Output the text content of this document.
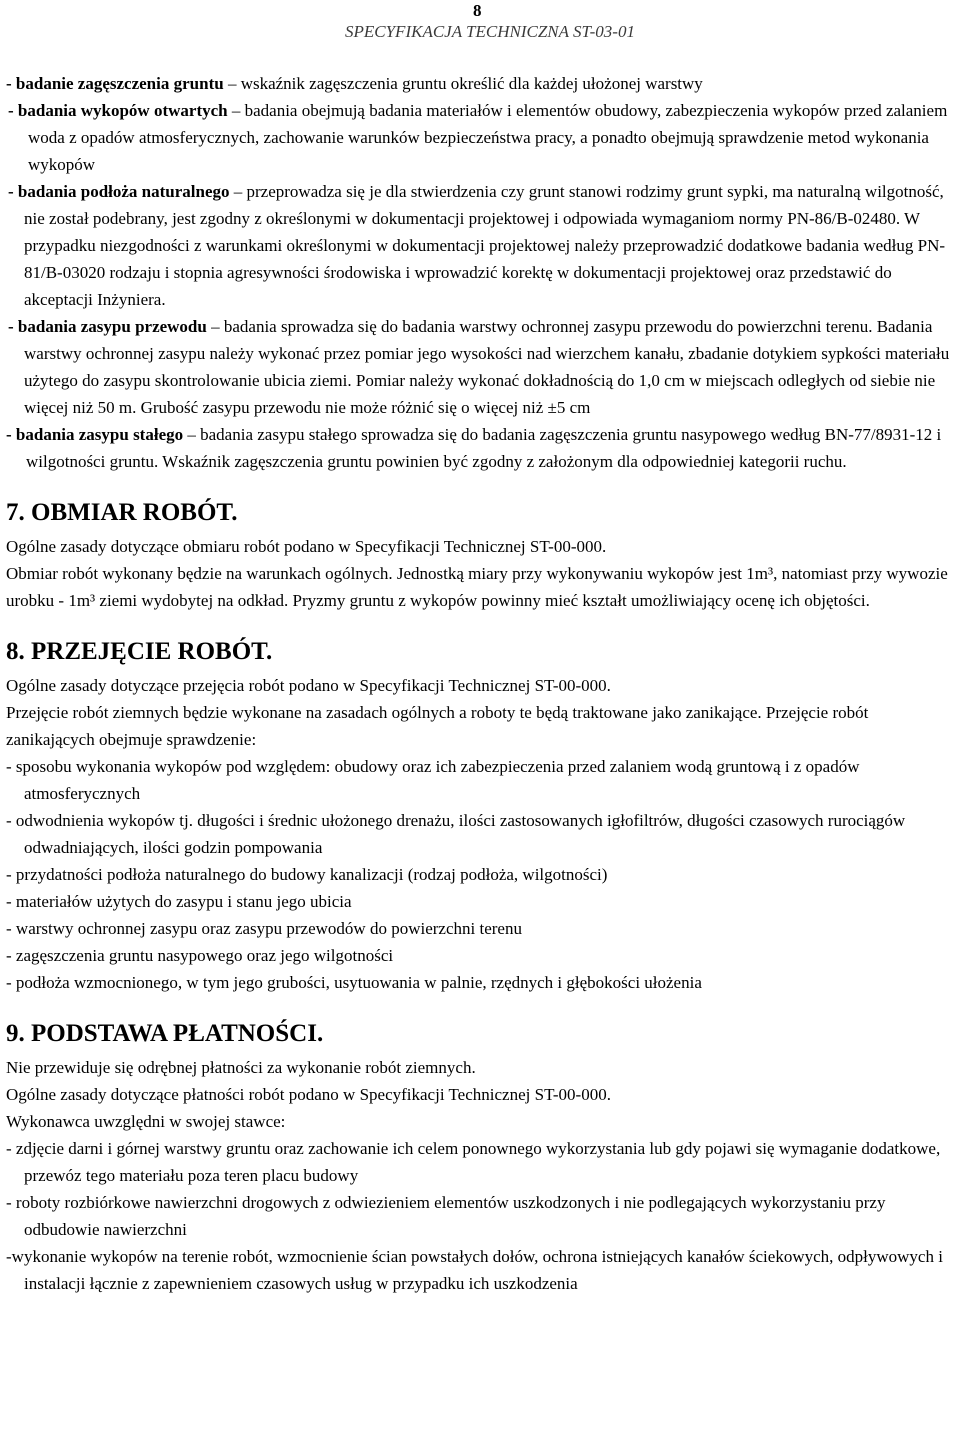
8
SPECYFIKACJA TECHNICZNA ST-03-01

- badanie zagęszczenia gruntu – wskaźnik zagęszczenia gruntu określić dla każdej ułożonej warstwy

- badania wykopów otwartych – badania obejmują badania materiałów i elementów obudowy, zabezpieczenia wykopów przed zalaniem woda z opadów atmosferycznych, zachowanie warunków bezpieczeństwa pracy, a ponadto obejmują sprawdzenie metod wykonania wykopów

- badania podłoża naturalnego – przeprowadza się je dla stwierdzenia czy grunt stanowi rodzimy grunt sypki, ma naturalną wilgotność, nie został podebrany, jest zgodny z określonymi w dokumentacji projektowej i odpowiada wymaganiom normy PN-86/B-02480. W przypadku niezgodności z warunkami określonymi w dokumentacji projektowej należy przeprowadzić dodatkowe badania według PN-81/B-03020 rodzaju i stopnia agresywności środowiska i wprowadzić korektę w dokumentacji projektowej oraz przedstawić do akceptacji Inżyniera.

- badania zasypu przewodu – badania sprowadza się do badania warstwy ochronnej zasypu przewodu do powierzchni terenu. Badania warstwy ochronnej zasypu należy wykonać przez pomiar jego wysokości nad wierzchem kanału, zbadanie dotykiem sypkości materiału użytego do zasypu skontrolowanie ubicia ziemi. Pomiar należy wykonać dokładnością do 1,0 cm w miejscach odległych od siebie nie więcej niż 50 m. Grubość zasypu przewodu nie może różnić się o więcej niż ±5 cm

- badania zasypu stałego – badania zasypu stałego sprowadza się do badania zagęszczenia gruntu nasypowego według BN-77/8931-12 i wilgotności gruntu. Wskaźnik zagęszczenia gruntu powinien być zgodny z założonym dla odpowiedniej kategorii ruchu.

7. OBMIAR ROBÓT.

Ogólne zasady dotyczące obmiaru robót podano w Specyfikacji Technicznej ST-00-000.

Obmiar robót wykonany będzie na warunkach ogólnych. Jednostką miary przy wykonywaniu wykopów jest 1m³, natomiast przy wywozie urobku - 1m³ ziemi wydobytej na odkład. Pryzmy gruntu z wykopów powinny mieć kształt umożliwiający ocenę ich objętości.

8. PRZEJĘCIE ROBÓT.

Ogólne zasady dotyczące przejęcia robót podano w Specyfikacji Technicznej ST-00-000.

Przejęcie robót ziemnych będzie wykonane na zasadach ogólnych a roboty te będą traktowane jako zanikające. Przejęcie robót zanikających obejmuje sprawdzenie:

- sposobu wykonania wykopów pod względem: obudowy oraz ich zabezpieczenia przed zalaniem wodą gruntową i z opadów atmosferycznych

- odwodnienia wykopów tj. długości i średnic ułożonego drenażu, ilości zastosowanych igłofiltrów, długości czasowych rurociągów odwadniających, ilości godzin pompowania

- przydatności podłoża naturalnego do budowy kanalizacji (rodzaj podłoża, wilgotności)

- materiałów użytych do zasypu i stanu jego ubicia

- warstwy ochronnej zasypu oraz zasypu przewodów do powierzchni terenu

- zagęszczenia gruntu nasypowego oraz jego wilgotności

- podłoża wzmocnionego, w tym jego grubości, usytuowania w palnie, rzędnych i głębokości ułożenia

9. PODSTAWA PŁATNOŚCI.

Nie przewiduje się odrębnej płatności za wykonanie robót ziemnych.

Ogólne zasady dotyczące płatności robót podano w Specyfikacji Technicznej ST-00-000.

Wykonawca uwzględni w swojej stawce:

- zdjęcie darni i górnej warstwy gruntu oraz zachowanie ich celem ponownego wykorzystania lub gdy pojawi się wymaganie dodatkowe, przewóz tego materiału poza teren placu budowy

- roboty rozbiórkowe nawierzchni drogowych z odwiezieniem elementów uszkodzonych i nie podlegających wykorzystaniu przy odbudowie nawierzchni

-wykonanie wykopów na terenie robót, wzmocnienie ścian powstałych dołów, ochrona istniejących kanałów ściekowych, odpływowych i instalacji łącznie z zapewnieniem czasowych usług w przypadku ich uszkodzenia
